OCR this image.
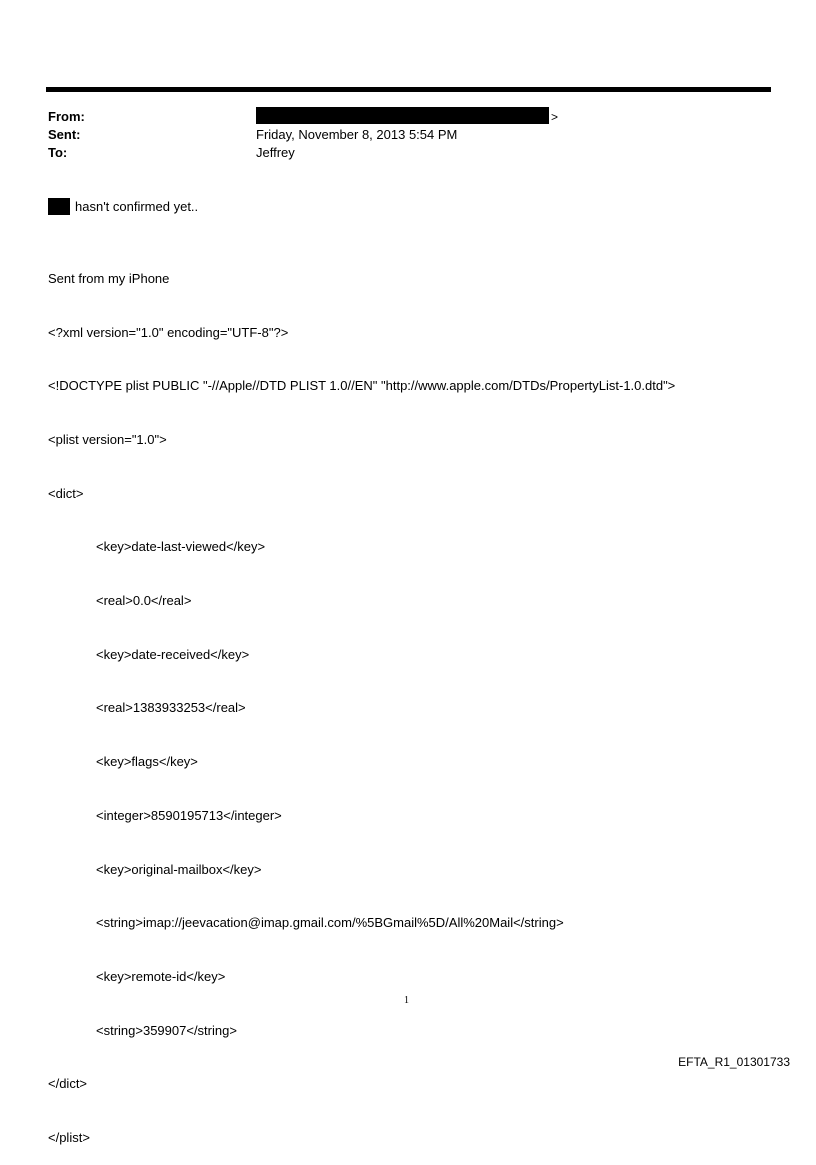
From:	>
Sent:	Friday, November 8, 2013 5:54 PM
To:	Jeffrey
hasn't confirmed yet..

Sent from my iPhone

<?xml version="1.0" encoding="UTF-8"?>

<!DOCTYPE plist PUBLIC "-//Apple//DTD PLIST 1.0//EN" "http://www.apple.com/DTDs/PropertyList-1.0.dtd">

<plist version="1.0">

<dict>

<key>date-last-viewed</key>

<real>0.0</real>

<key>date-received</key>

<real>1383933253</real>

<key>flags</key>

<integer>8590195713</integer>

<key>original-mailbox</key>

<string>imap://jeevacation@imap.gmail.com/%5BGmail%5D/All%20Mail</string>

<key>remote-id</key>

<string>359907</string>

</dict>

</plist>

1
EFTA_R1_01301733
